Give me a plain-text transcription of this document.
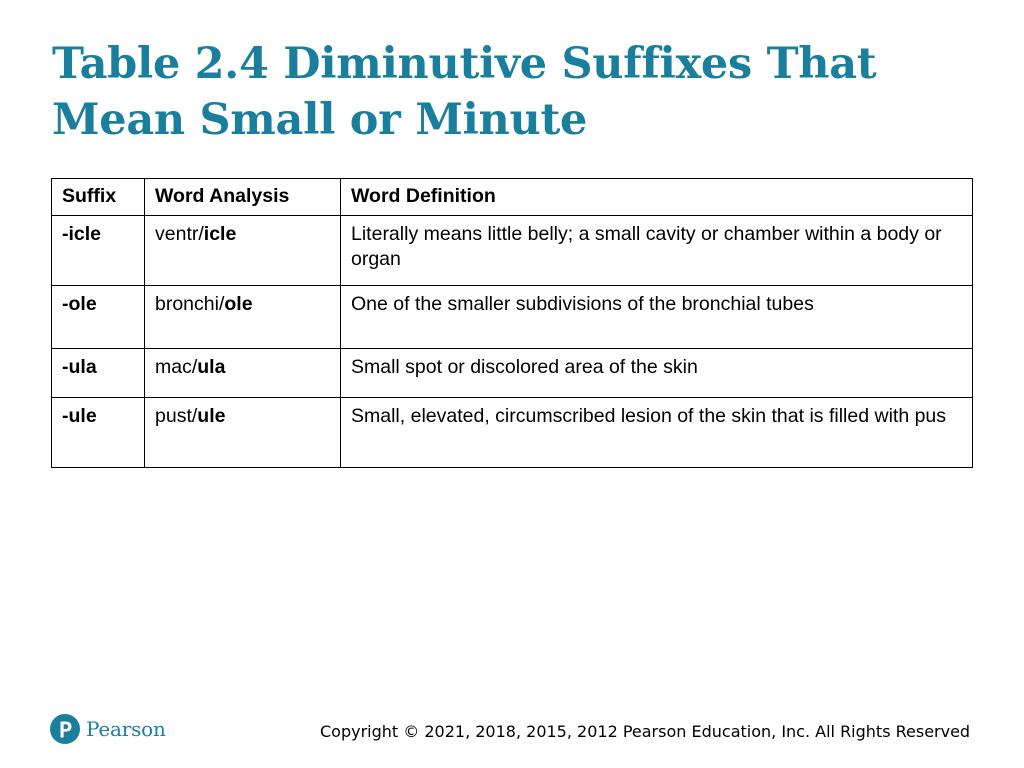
Table 2.4 Diminutive Suffixes That Mean Small or Minute
Suffix	Word Analysis	Word Definition
-icle	ventr/icle	Literally means little belly; a small cavity or chamber within a body or organ
-ole	bronchi/ole	One of the smaller subdivisions of the bronchial tubes
-ula	mac/ula	Small spot or discolored area of the skin
-ule	pust/ule	Small, elevated, circumscribed lesion of the skin that is filled with pus
Pearson	Copyright © 2021, 2018, 2015, 2012 Pearson Education, Inc. All Rights Reserved
